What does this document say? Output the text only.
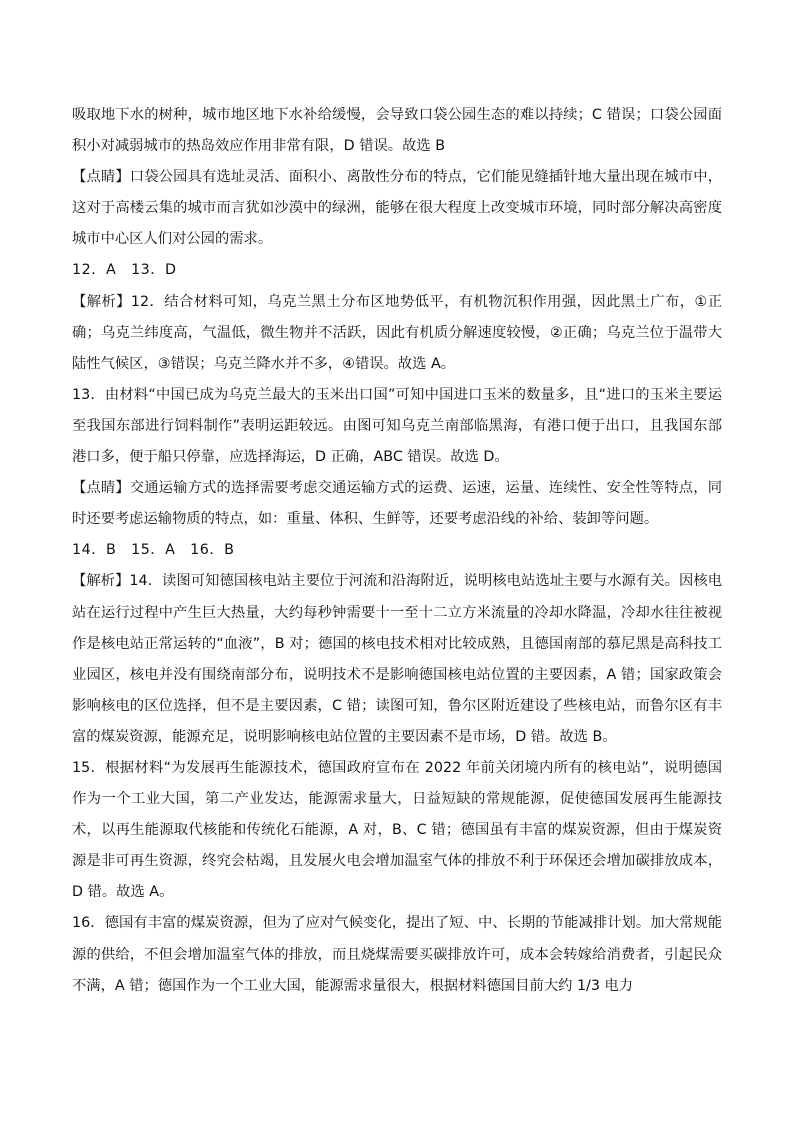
吸取地下水的树种，城市地区地下水补给缓慢，会导致口袋公园生态的难以持续；C 错误；口袋公园面积小对减弱城市的热岛效应作用非常有限，D 错误。故选 B

【点睛】口袋公园具有选址灵活、面积小、离散性分布的特点，它们能见缝插针地大量出现在城市中，这对于高楼云集的城市而言犹如沙漠中的绿洲，能够在很大程度上改变城市环境，同时部分解决高密度城市中心区人们对公园的需求。

12．A　13．D

【解析】12．结合材料可知，乌克兰黑土分布区地势低平，有机物沉积作用强，因此黑土广布，①正确；乌克兰纬度高，气温低，微生物并不活跃，因此有机质分解速度较慢，②正确；乌克兰位于温带大陆性气候区，③错误；乌克兰降水并不多，④错误。故选 A。

13．由材料“中国已成为乌克兰最大的玉米出口国”可知中国进口玉米的数量多，且“进口的玉米主要运至我国东部进行饲料制作”表明运距较远。由图可知乌克兰南部临黑海，有港口便于出口，且我国东部港口多，便于船只停靠，应选择海运，D 正确，ABC 错误。故选 D。

【点睛】交通运输方式的选择需要考虑交通运输方式的运费、运速，运量、连续性、安全性等特点，同时还要考虑运输物质的特点，如：重量、体积、生鲜等，还要考虑沿线的补给、装卸等问题。

14．B　15．A　16．B

【解析】14．读图可知德国核电站主要位于河流和沿海附近，说明核电站选址主要与水源有关。因核电站在运行过程中产生巨大热量，大约每秒钟需要十一至十二立方米流量的冷却水降温，冷却水往往被视作是核电站正常运转的“血液”，B 对；德国的核电技术相对比较成熟，且德国南部的慕尼黑是高科技工业园区，核电并没有围绕南部分布，说明技术不是影响德国核电站位置的主要因素，A 错；国家政策会影响核电的区位选择，但不是主要因素，C 错；读图可知，鲁尔区附近建设了些核电站，而鲁尔区有丰富的煤炭资源，能源充足，说明影响核电站位置的主要因素不是市场，D 错。故选 B。

15．根据材料“为发展再生能源技术，德国政府宣布在 2022 年前关闭境内所有的核电站”，说明德国作为一个工业大国，第二产业发达，能源需求量大，日益短缺的常规能源，促使德国发展再生能源技术，以再生能源取代核能和传统化石能源，A 对，B、C 错；德国虽有丰富的煤炭资源，但由于煤炭资源是非可再生资源，终究会枯竭，且发展火电会增加温室气体的排放不利于环保还会增加碳排放成本，D 错。故选 A。

16．德国有丰富的煤炭资源，但为了应对气候变化，提出了短、中、长期的节能减排计划。加大常规能源的供给，不但会增加温室气体的排放，而且烧煤需要买碳排放许可，成本会转嫁给消费者，引起民众不满，A 错；德国作为一个工业大国，能源需求量很大，根据材料德国目前大约 1/3 电力
